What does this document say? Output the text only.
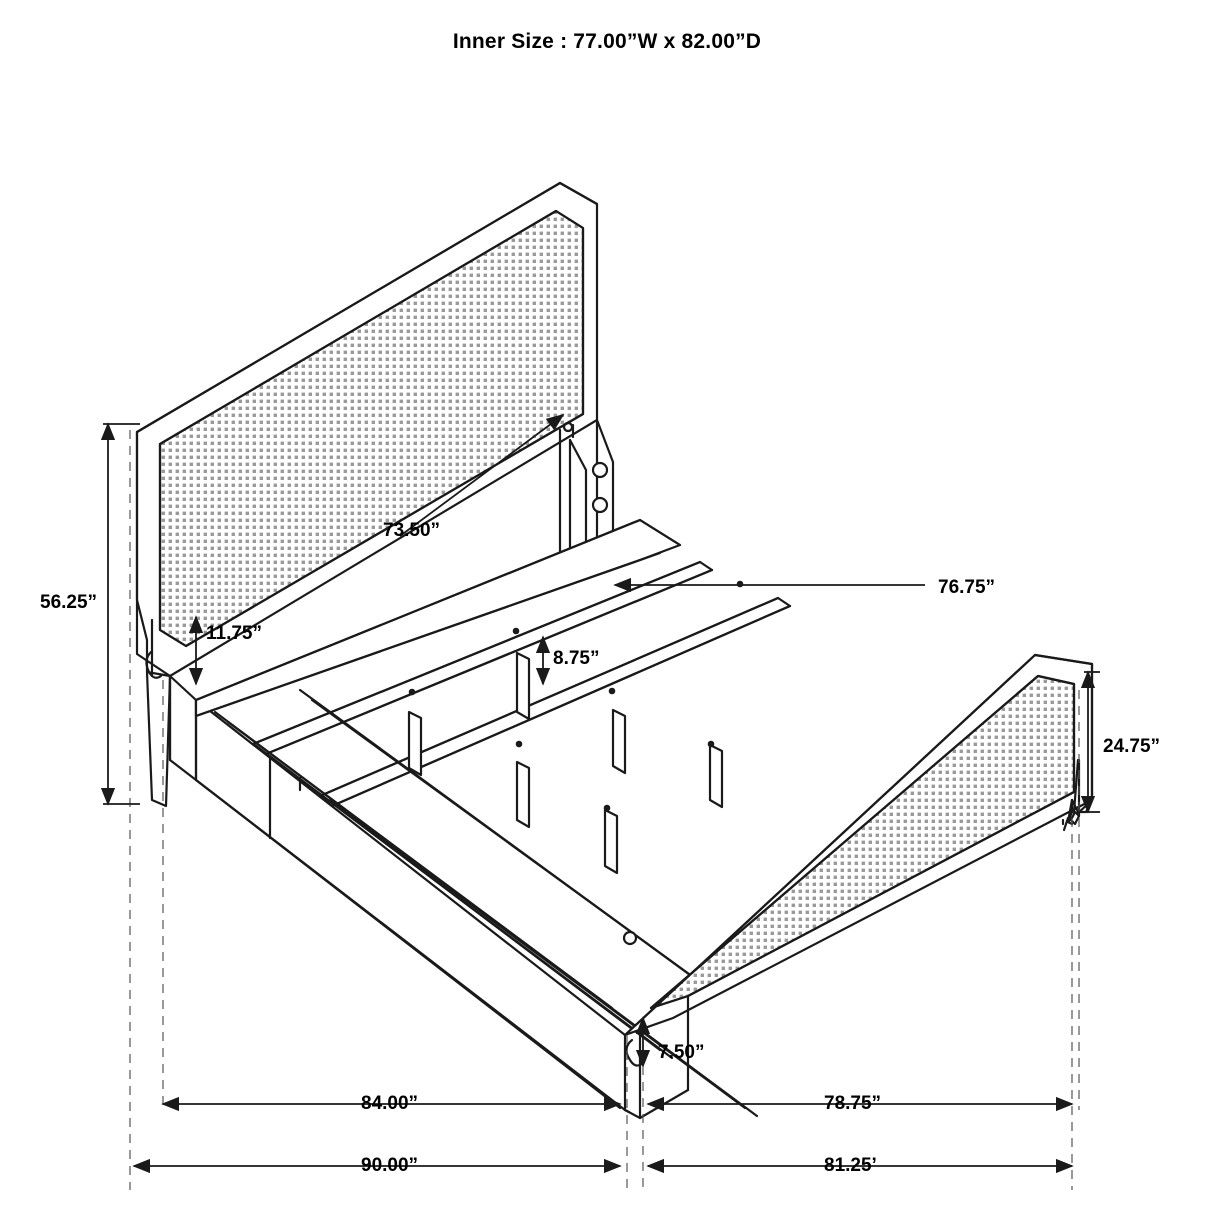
Inner Size : 77.00”W x 82.00”D
56.25”
73.50”
76.75”
11.75”
8.75”
24.75”
7.50”
84.00”	78.75”
90.00”	81.25’
